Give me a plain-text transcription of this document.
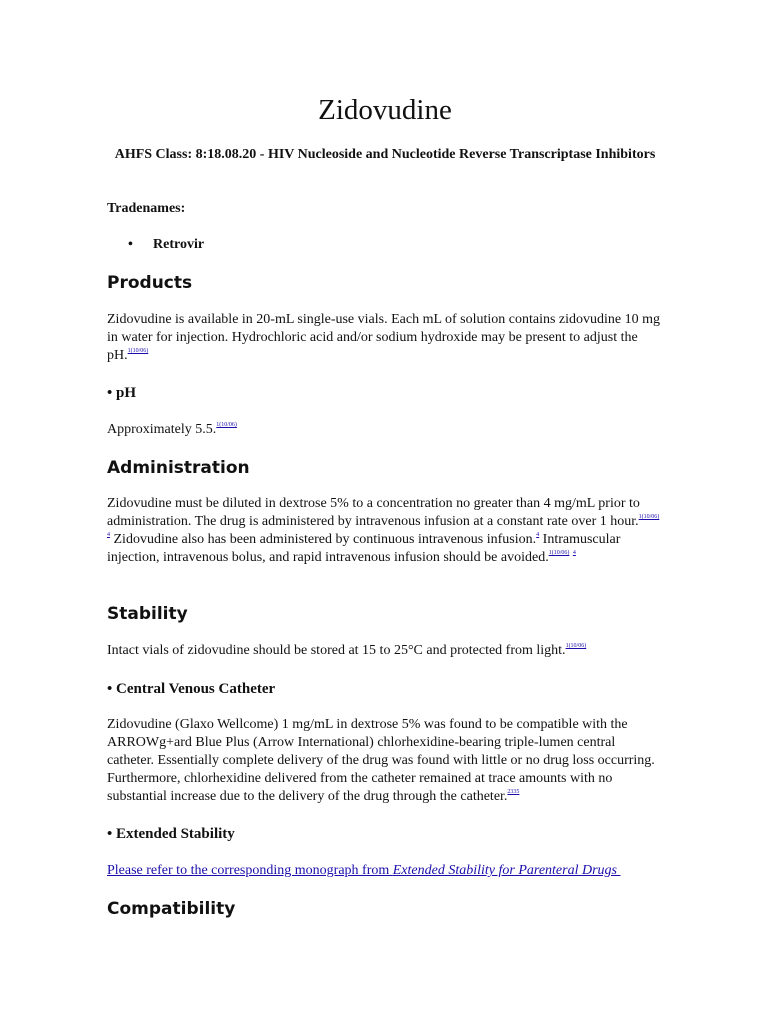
Zidovudine

AHFS Class: 8:18.08.20 - HIV Nucleoside and Nucleotide Reverse Transcriptase Inhibitors

Tradenames:

• Retrovir
Products

Zidovudine is available in 20-mL single-use vials. Each mL of solution contains zidovudine 10 mg in water for injection. Hydrochloric acid and/or sodium hydroxide may be present to adjust the pH.$^{1(10/06)}$

• pH

Approximately 5.5.$^{1(10/06)}$

Administration

Zidovudine must be diluted in dextrose 5% to a concentration no greater than 4 mg/mL prior to administration. The drug is administered by intravenous infusion at a constant rate over 1 hour.$^{1(10/06)}$ $^4$ Zidovudine also has been administered by continuous intravenous infusion.$^4$ Intramuscular injection, intravenous bolus, and rapid intravenous infusion should be avoided.$^{1(10/06)}$ $^4$

Stability

Intact vials of zidovudine should be stored at 15 to 25°C and protected from light.$^{1(10/06)}$

• Central Venous Catheter

Zidovudine (Glaxo Wellcome) 1 mg/mL in dextrose 5% was found to be compatible with the ARROWg+ard Blue Plus (Arrow International) chlorhexidine-bearing triple-lumen central catheter. Essentially complete delivery of the drug was found with little or no drug loss occurring. Furthermore, chlorhexidine delivered from the catheter remained at trace amounts with no substantial increase due to the delivery of the drug through the catheter.$^{2335}$

• Extended Stability

Please refer to the corresponding monograph from Extended Stability for Parenteral Drugs

Compatibility
